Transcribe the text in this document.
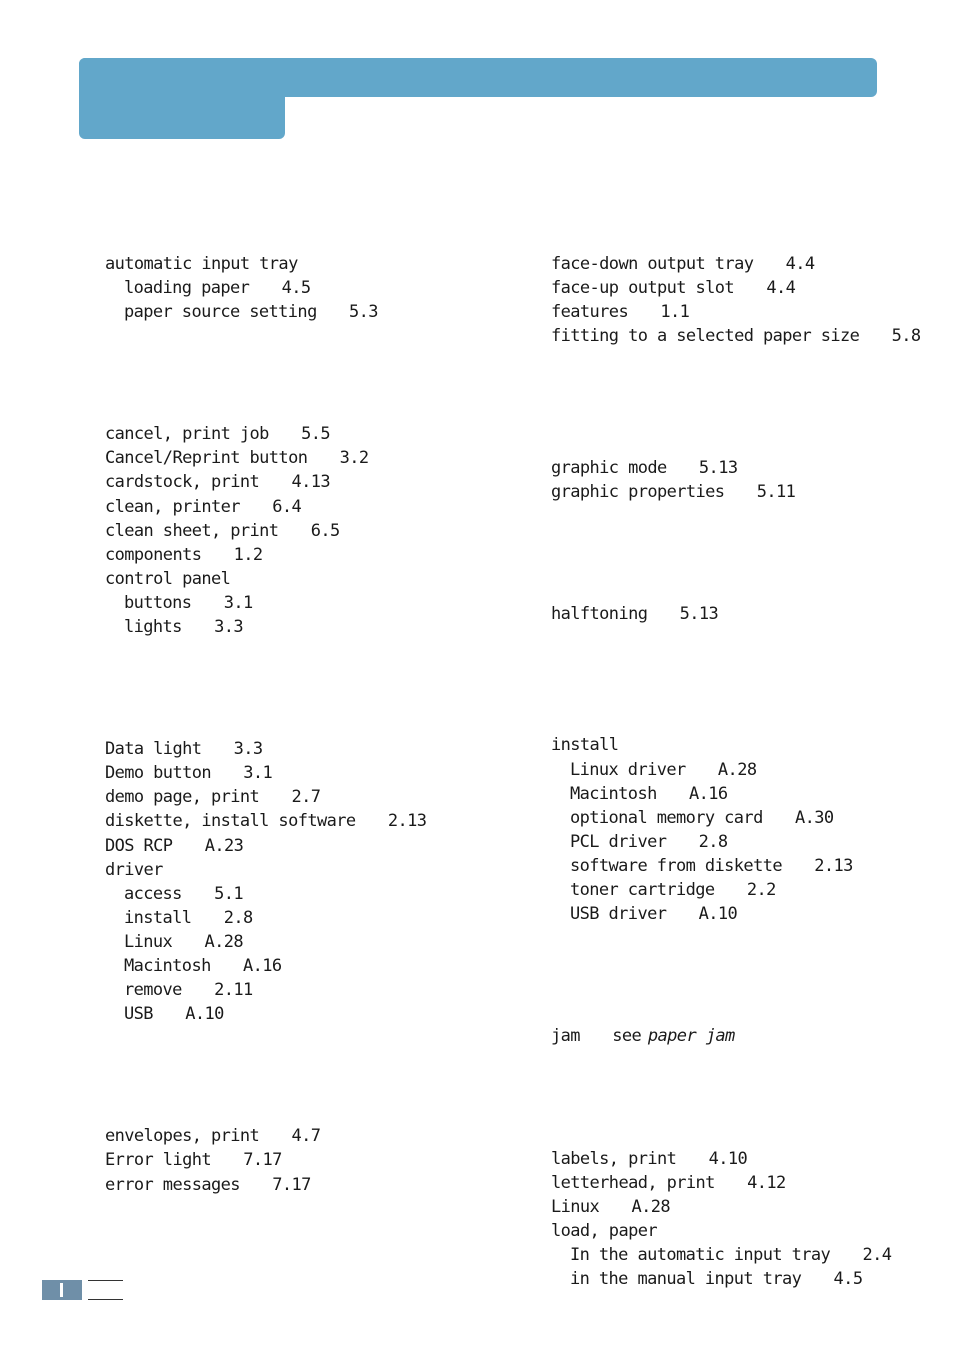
automatic input tray
loading paper 4.5
paper source setting 5.3
cancel, print job 5.5
Cancel/Reprint button 3.2
cardstock, print 4.13
clean, printer 6.4
clean sheet, print 6.5
components 1.2
control panel
buttons 3.1
lights 3.3
Data light 3.3
Demo button 3.1
demo page, print 2.7
diskette, install software 2.13
DOS RCP A.23
driver
access 5.1
install 2.8
Linux A.28
Macintosh A.16
remove 2.11
USB A.10
envelopes, print 4.7
Error light 7.17
error messages 7.17
face-down output tray 4.4
face-up output slot 4.4
features 1.1
fitting to a selected paper size 5.8
graphic mode 5.13
graphic properties 5.11
halftoning 5.13
install
Linux driver A.28
Macintosh A.16
optional memory card A.30
PCL driver 2.8
software from diskette 2.13
toner cartridge 2.2
USB driver A.10
jam see paper jam
labels, print 4.10
letterhead, print 4.12
Linux A.28
load, paper
In the automatic input tray 2.4
in the manual input tray 4.5
